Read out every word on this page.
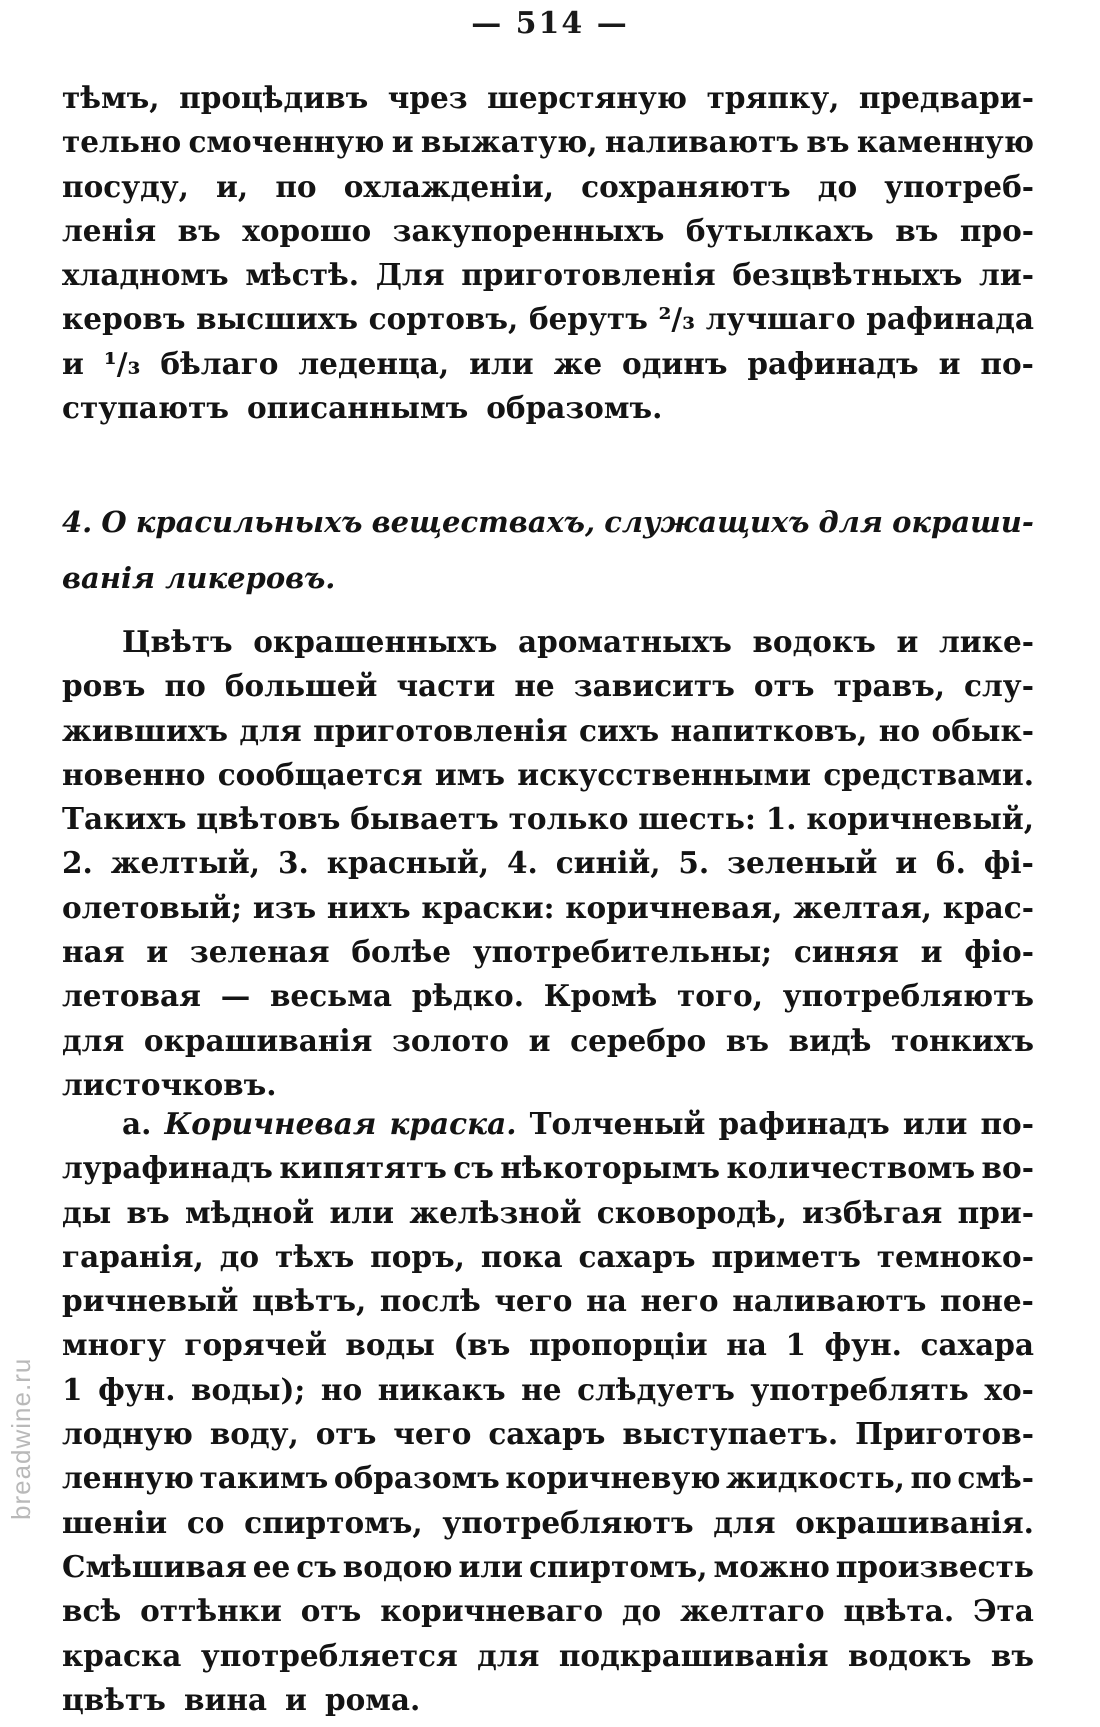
— 514 —
тѣмъ, процѣдивъ чрез шерстяную тряпку, предвари-
тельно смоченную и выжатую, наливаютъ въ каменную
посуду, и, по охлажденіи, сохраняютъ до употреб-
ленія въ хорошо закупоренныхъ бутылкахъ въ про-
хладномъ мѣстѣ. Для приготовленія безцвѣтныхъ ли-
керовъ высшихъ сортовъ, берутъ ²/₃ лучшаго рафинада
и ¹/₃ бѣлаго леденца, или же одинъ рафинадъ и по-
ступаютъ описаннымъ образомъ.
4. О красильныхъ веществахъ, служащихъ для окраши-
ванія ликеровъ.
Цвѣтъ окрашенныхъ ароматныхъ водокъ и лике-
ровъ по большей части не зависитъ отъ травъ, слу-
жившихъ для приготовленія сихъ напитковъ, но обык-
новенно сообщается имъ искусственными средствами.
Такихъ цвѣтовъ бываетъ только шесть: 1. коричневый,
2. желтый, 3. красный, 4. синій, 5. зеленый и 6. фі-
олетовый; изъ нихъ краски: коричневая, желтая, крас-
ная и зеленая болѣе употребительны; синяя и фіо-
летовая — весьма рѣдко. Кромѣ того, употребляютъ
для окрашиванія золото и серебро въ видѣ тонкихъ
листочковъ.
а. Коричневая краска. Толченый рафинадъ или по-
лурафинадъ кипятятъ съ нѣкоторымъ количествомъ во-
ды въ мѣдной или желѣзной сковородѣ, избѣгая при-
гаранія, до тѣхъ поръ, пока сахаръ приметъ темноко-
ричневый цвѣтъ, послѣ чего на него наливаютъ поне-
многу горячей воды (въ пропорціи на 1 фун. сахара
1 фун. воды); но никакъ не слѣдуетъ употреблять хо-
лодную воду, отъ чего сахаръ выступаетъ. Приготов-
ленную такимъ образомъ коричневую жидкость, по смѣ-
шеніи со спиртомъ, употребляютъ для окрашиванія.
Смѣшивая ее съ водою или спиртомъ, можно произвесть
всѣ оттѣнки отъ коричневаго до желтаго цвѣта. Эта
краска употребляется для подкрашиванія водокъ въ
цвѣтъ вина и рома.
breadwine.ru
